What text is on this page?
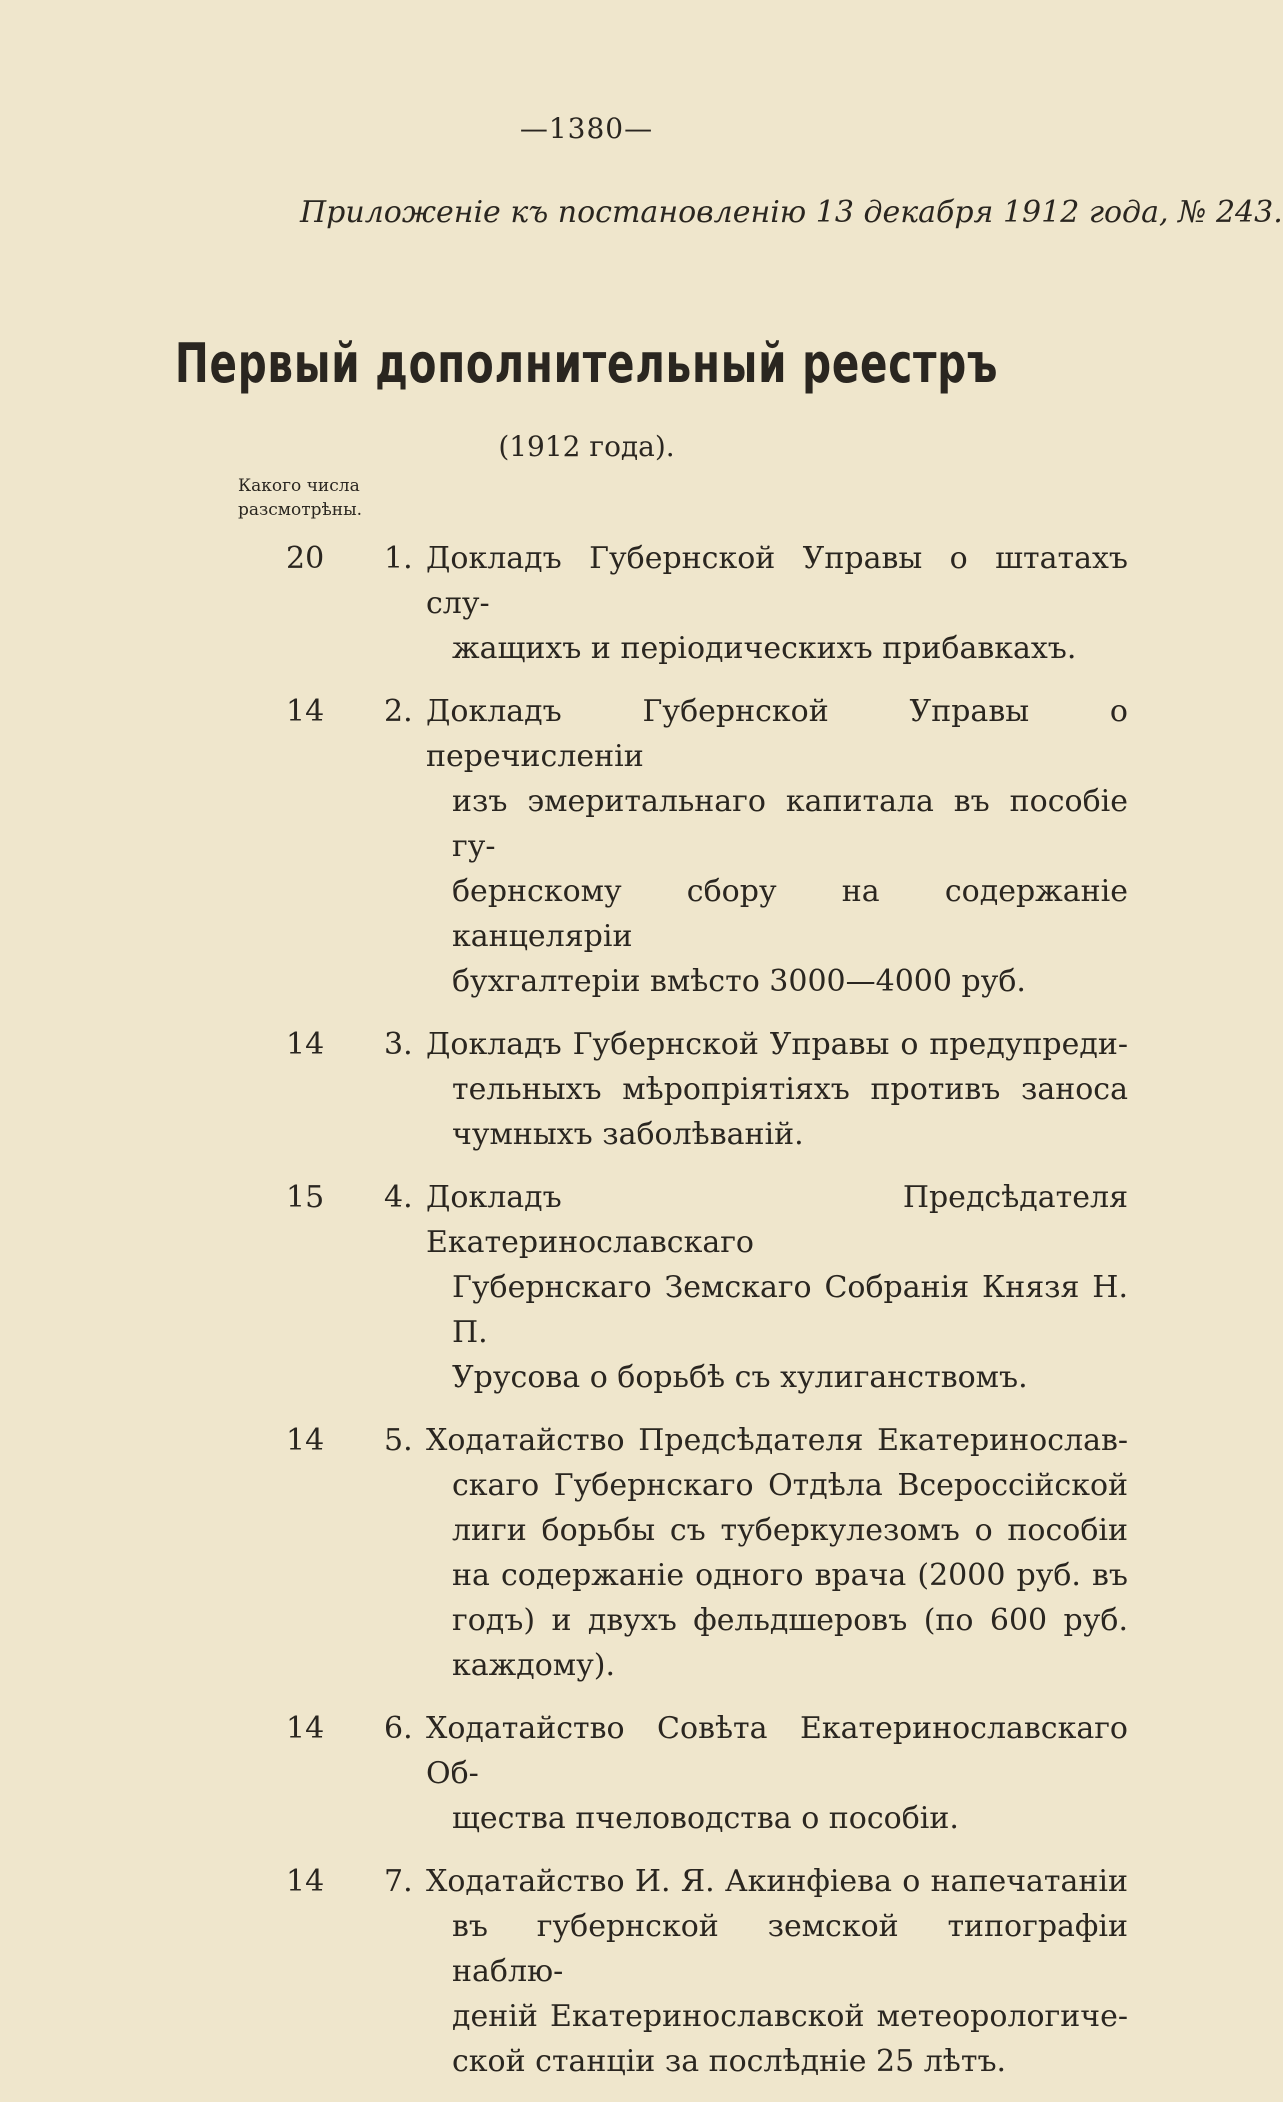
—1380—
Приложеніе къ постановленію 13 декабря 1912 года, № 243.
Первый дополнительный реестръ
(1912 года).
Какого числа
разсмотрѣны.
20 1. Докладъ Губернской Управы о штатахъ слу-
жащихъ и періодическихъ прибавкахъ.
14 2. Докладъ Губернской Управы о перечисленіи
изъ эмеритальнаго капитала въ пособіе гу-
бернскому сбору на содержаніе канцеляріи
бухгалтеріи вмѣсто 3000—4000 руб.
14 3. Докладъ Губернской Управы о предупреди-
тельныхъ мѣропріятіяхъ противъ заноса
чумныхъ заболѣваній.
15 4. Докладъ Предсѣдателя Екатеринославскаго
Губернскаго Земскаго Собранія Князя Н. П.
Урусова о борьбѣ съ хулиганствомъ.
14 5. Ходатайство Предсѣдателя Екатеринослав-
скаго Губернскаго Отдѣла Всероссійской
лиги борьбы съ туберкулезомъ о пособіи
на содержаніе одного врача (2000 руб. въ
годъ) и двухъ фельдшеровъ (по 600 руб.
каждому).
14 6. Ходатайство Совѣта Екатеринославскаго Об-
щества пчеловодства о пособіи.
14 7. Ходатайство И. Я. Акинфіева о напечатаніи
въ губернской земской типографіи наблю-
деній Екатеринославской метеорологиче-
ской станціи за послѣдніе 25 лѣтъ.
